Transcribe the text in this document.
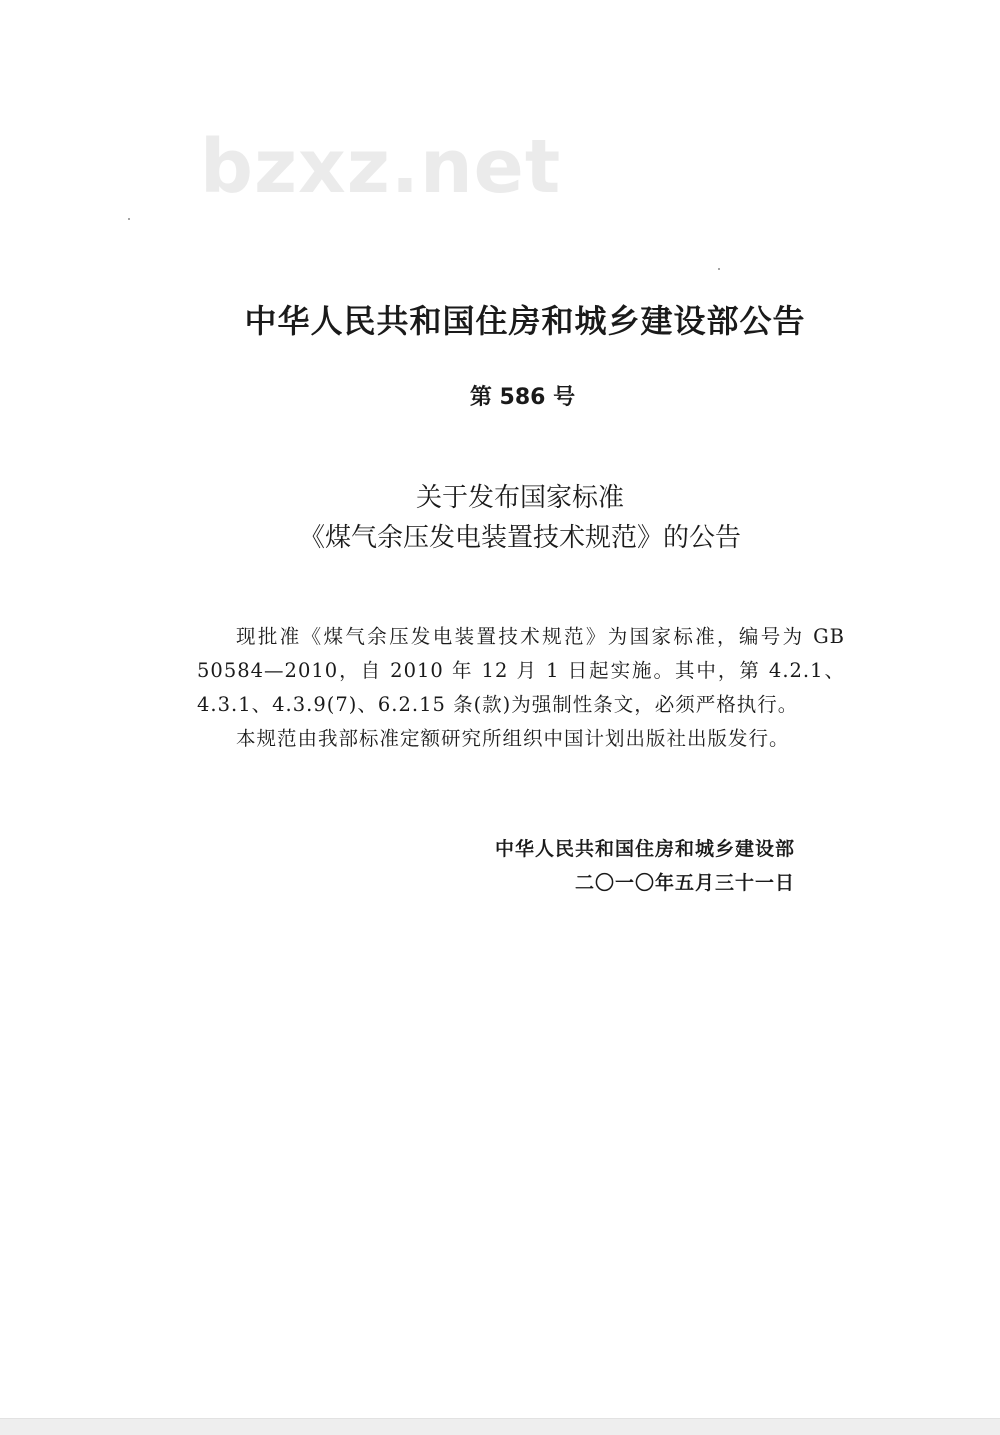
bzxz.net
中华人民共和国住房和城乡建设部公告
第 586 号
关于发布国家标准
《煤气余压发电装置技术规范》的公告

现批准《煤气余压发电装置技术规范》为国家标准，编号为 GB 50584—2010，自 2010 年 12 月 1 日起实施。其中，第 4.2.1、4.3.1、4.3.9(7)、6.2.15 条(款)为强制性条文，必须严格执行。

本规范由我部标准定额研究所组织中国计划出版社出版发行。

中华人民共和国住房和城乡建设部
二〇一〇年五月三十一日
